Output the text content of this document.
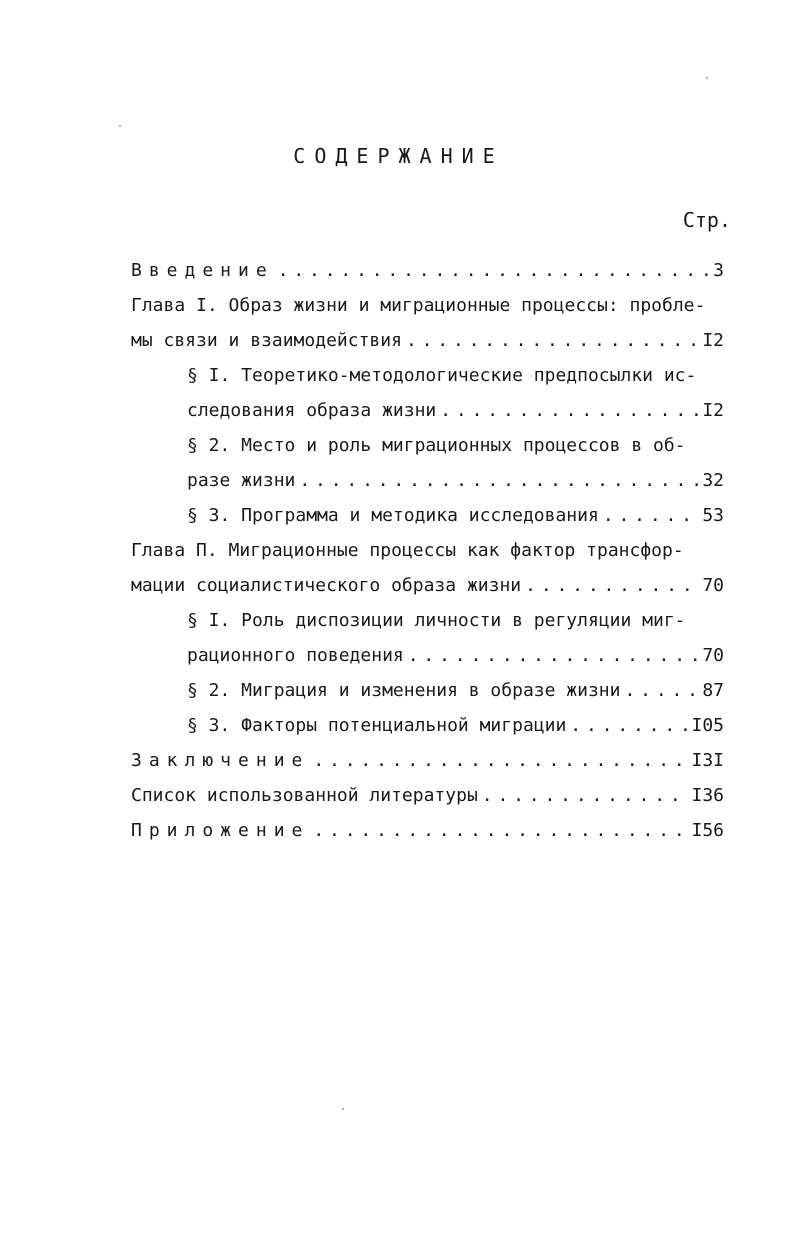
СОДЕРЖАНИЕ
Стр.
Введение . . .	3
Глава I. Образ жизни и миграционные процессы: пробле-
мы связи и взаимодействия . . .	I2
§ I. Теоретико-методологические предпосылки ис-
следования образа жизни . . .	I2
§ 2. Место и роль миграционных процессов в об-
разе жизни . . .	32
§ 3. Программа и методика исследования . . .	53
Глава П. Миграционные процессы как фактор трансфор-
мации социалистического образа жизни . . .	70
§ I. Роль диспозиции личности в регуляции миг-
рационного поведения . . .	70
§ 2. Миграция и изменения в образе жизни . . .	87
§ 3. Факторы потенциальной миграции . . .	I05
Заключение . . .	I3I
Список использованной литературы . . .	I36
Приложение . . .	I56
